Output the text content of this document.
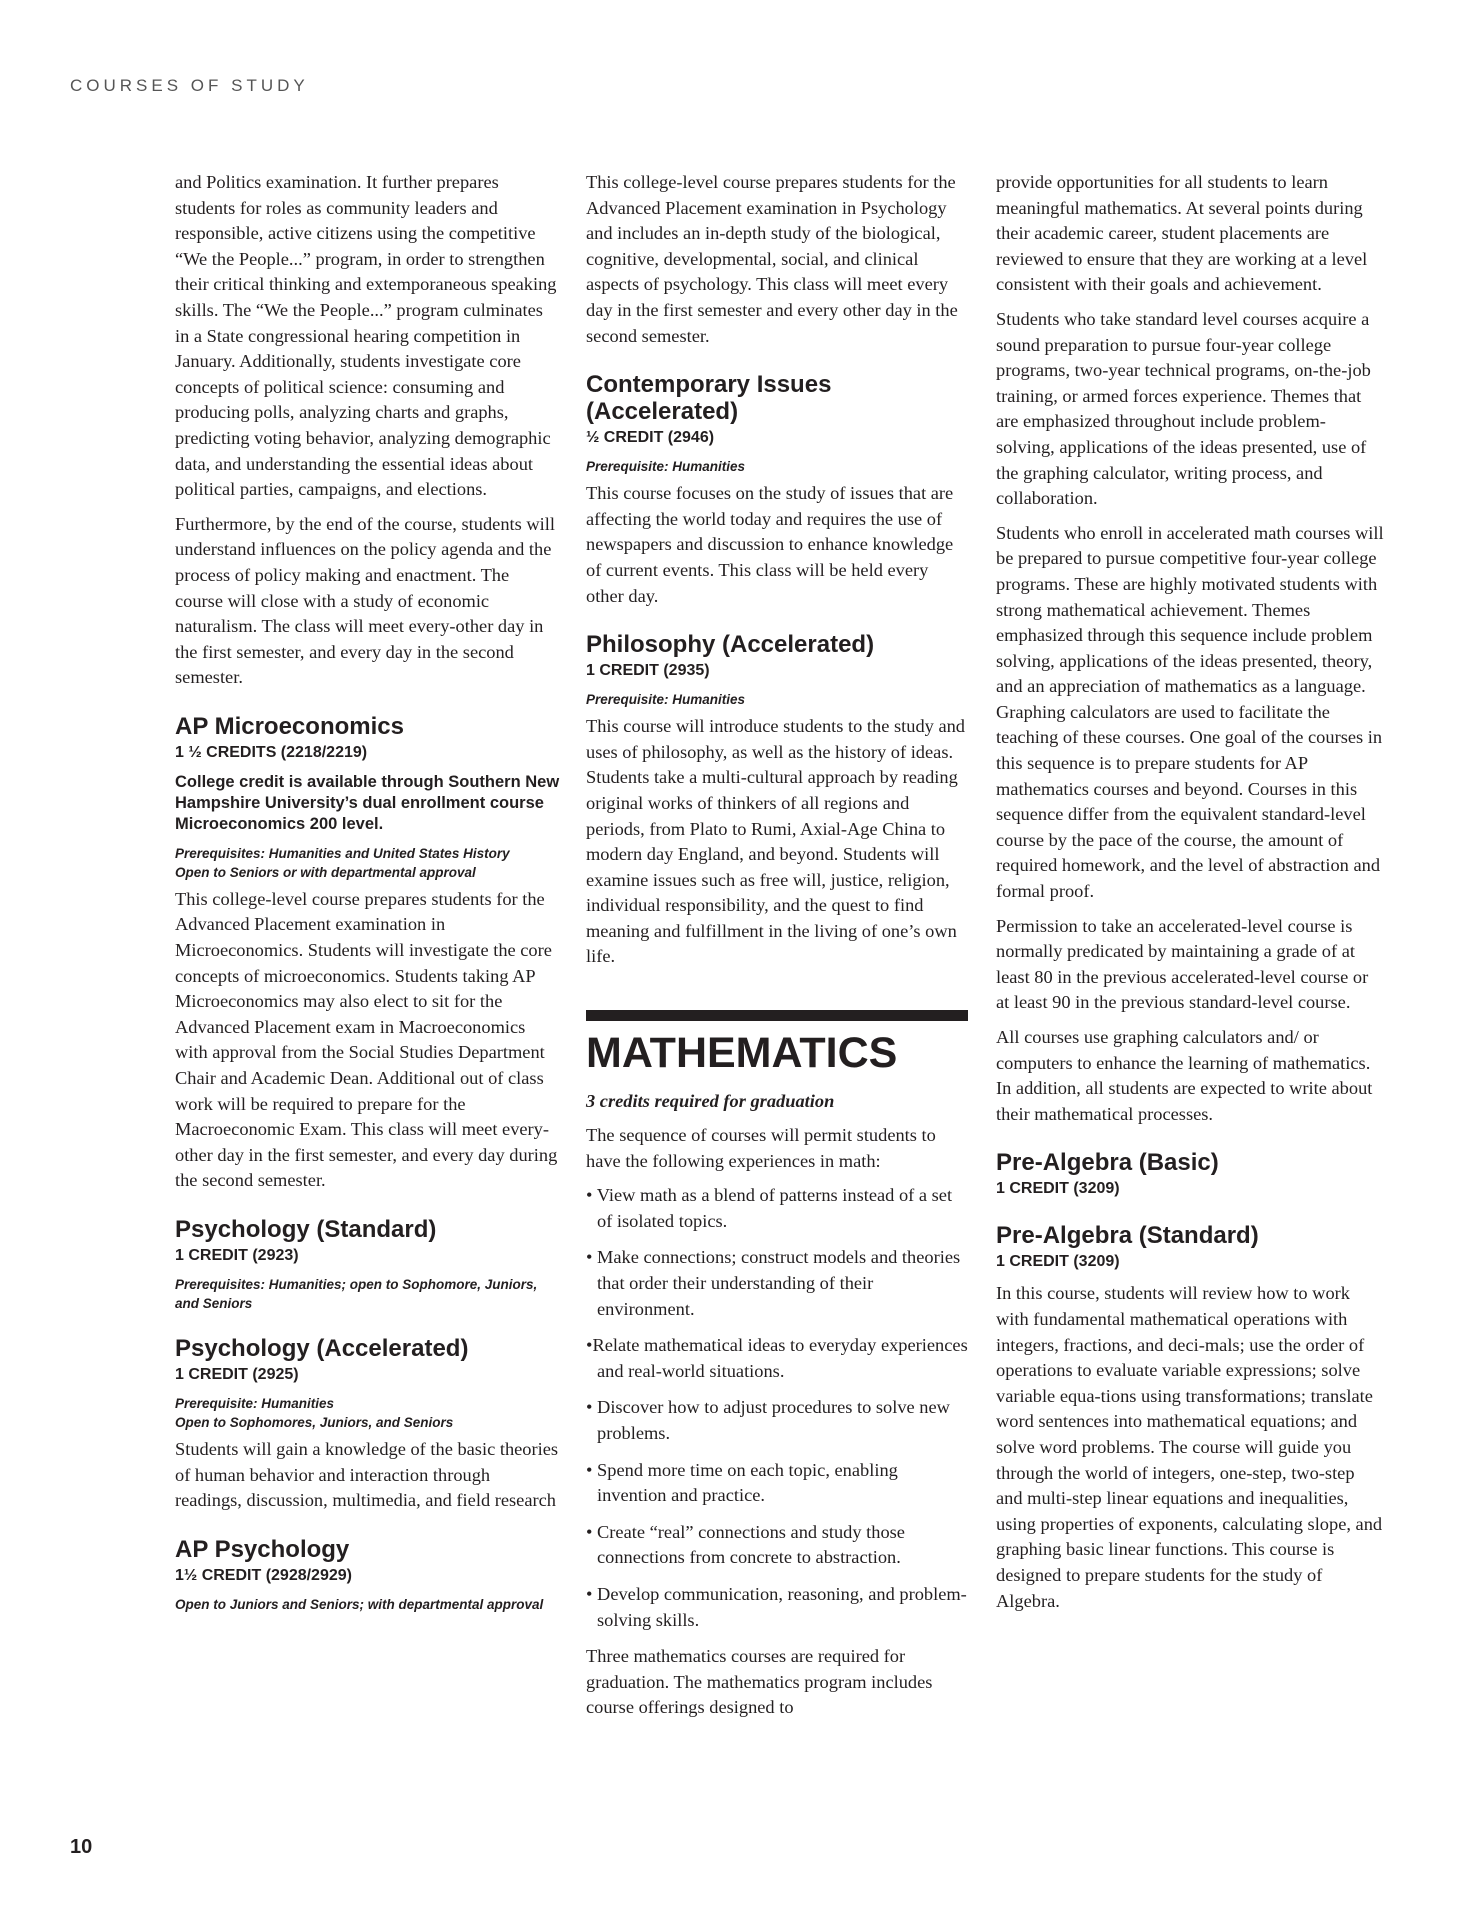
COURSES OF STUDY

and Politics examination. It further prepares students for roles as community leaders and responsible, active citizens using the competitive “We the People...” program, in order to strengthen their critical thinking and extemporaneous speaking skills. The “We the People...” program culminates in a State congressional hearing competition in January. Additionally, students investigate core concepts of political science: consuming and producing polls, analyzing charts and graphs, predicting voting behavior, analyzing demographic data, and understanding the essential ideas about political parties, campaigns, and elections.

Furthermore, by the end of the course, students will understand influences on the policy agenda and the process of policy making and enactment. The course will close with a study of economic naturalism. The class will meet every-other day in the first semester, and every day in the second semester.

AP Microeconomics
1 ½ CREDITS (2218/2219)
College credit is available through Southern New Hampshire University’s dual enrollment course Microeconomics 200 level.
Prerequisites: Humanities and United States History
Open to Seniors or with departmental approval

This college-level course prepares students for the Advanced Placement examination in Microeconomics. Students will investigate the core concepts of microeconomics. Students taking AP Microeconomics may also elect to sit for the Advanced Placement exam in Macroeconomics with approval from the Social Studies Department Chair and Academic Dean. Additional out of class work will be required to prepare for the Macroeconomic Exam. This class will meet every-other day in the first semester, and every day during the second semester.

Psychology (Standard)
1 CREDIT (2923)
Prerequisites: Humanities; open to Sophomore, Juniors, and Seniors
Psychology (Accelerated)
1 CREDIT (2925)
Prerequisite: Humanities
Open to Sophomores, Juniors, and Seniors

Students will gain a knowledge of the basic theories of human behavior and interaction through readings, discussion, multimedia, and field research

AP Psychology
1½ CREDIT (2928/2929)
Open to Juniors and Seniors; with departmental approval

This college-level course prepares students for the Advanced Placement examination in Psychology and includes an in-depth study of the biological, cognitive, developmental, social, and clinical aspects of psychology. This class will meet every day in the first semester and every other day in the second semester.

Contemporary Issues (Accelerated)
½ CREDIT (2946)
Prerequisite: Humanities

This course focuses on the study of issues that are affecting the world today and requires the use of newspapers and discussion to enhance knowledge of current events. This class will be held every other day.

Philosophy (Accelerated)
1 CREDIT (2935)
Prerequisite: Humanities

This course will introduce students to the study and uses of philosophy, as well as the history of ideas. Students take a multi-cultural approach by reading original works of thinkers of all regions and periods, from Plato to Rumi, Axial-Age China to modern day England, and beyond. Students will examine issues such as free will, justice, religion, individual responsibility, and the quest to find meaning and fulfillment in the living of one’s own life.

MATHEMATICS
3 credits required for graduation

The sequence of courses will permit students to have the following experiences in math:

• View math as a blend of patterns instead of a set of isolated topics.
• Make connections; construct models and theories that order their understanding of their environment.
•Relate mathematical ideas to everyday experiences and real-world situations.
• Discover how to adjust procedures to solve new problems.
• Spend more time on each topic, enabling invention and practice.
• Create “real” connections and study those connections from concrete to abstraction.
• Develop communication, reasoning, and problem-solving skills.

Three mathematics courses are required for graduation. The mathematics program includes course offerings designed to

provide opportunities for all students to learn meaningful mathematics. At several points during their academic career, student placements are reviewed to ensure that they are working at a level consistent with their goals and achievement.

Students who take standard level courses acquire a sound preparation to pursue four-year college programs, two-year technical programs, on-the-job training, or armed forces experience. Themes that are emphasized throughout include problem-solving, applications of the ideas presented, use of the graphing calculator, writing process, and collaboration.

Students who enroll in accelerated math courses will be prepared to pursue competitive four-year college programs. These are highly motivated students with strong mathematical achievement. Themes emphasized through this sequence include problem solving, applications of the ideas presented, theory, and an appreciation of mathematics as a language. Graphing calculators are used to facilitate the teaching of these courses. One goal of the courses in this sequence is to prepare students for AP mathematics courses and beyond. Courses in this sequence differ from the equivalent standard-level course by the pace of the course, the amount of required homework, and the level of abstraction and formal proof.

Permission to take an accelerated-level course is normally predicated by maintaining a grade of at least 80 in the previous accelerated-level course or at least 90 in the previous standard-level course.

All courses use graphing calculators and/ or computers to enhance the learning of mathematics. In addition, all students are expected to write about their mathematical processes.

Pre-Algebra (Basic)
1 CREDIT (3209)
Pre-Algebra (Standard)
1 CREDIT (3209)

In this course, students will review how to work with fundamental mathematical operations with integers, fractions, and deci-mals; use the order of operations to evaluate variable expressions; solve variable equa-tions using transformations; translate word sentences into mathematical equations; and solve word problems. The course will guide you through the world of integers, one-step, two-step and multi-step linear equations and inequalities, using properties of exponents, calculating slope, and graphing basic linear functions. This course is designed to prepare students for the study of Algebra.

10
